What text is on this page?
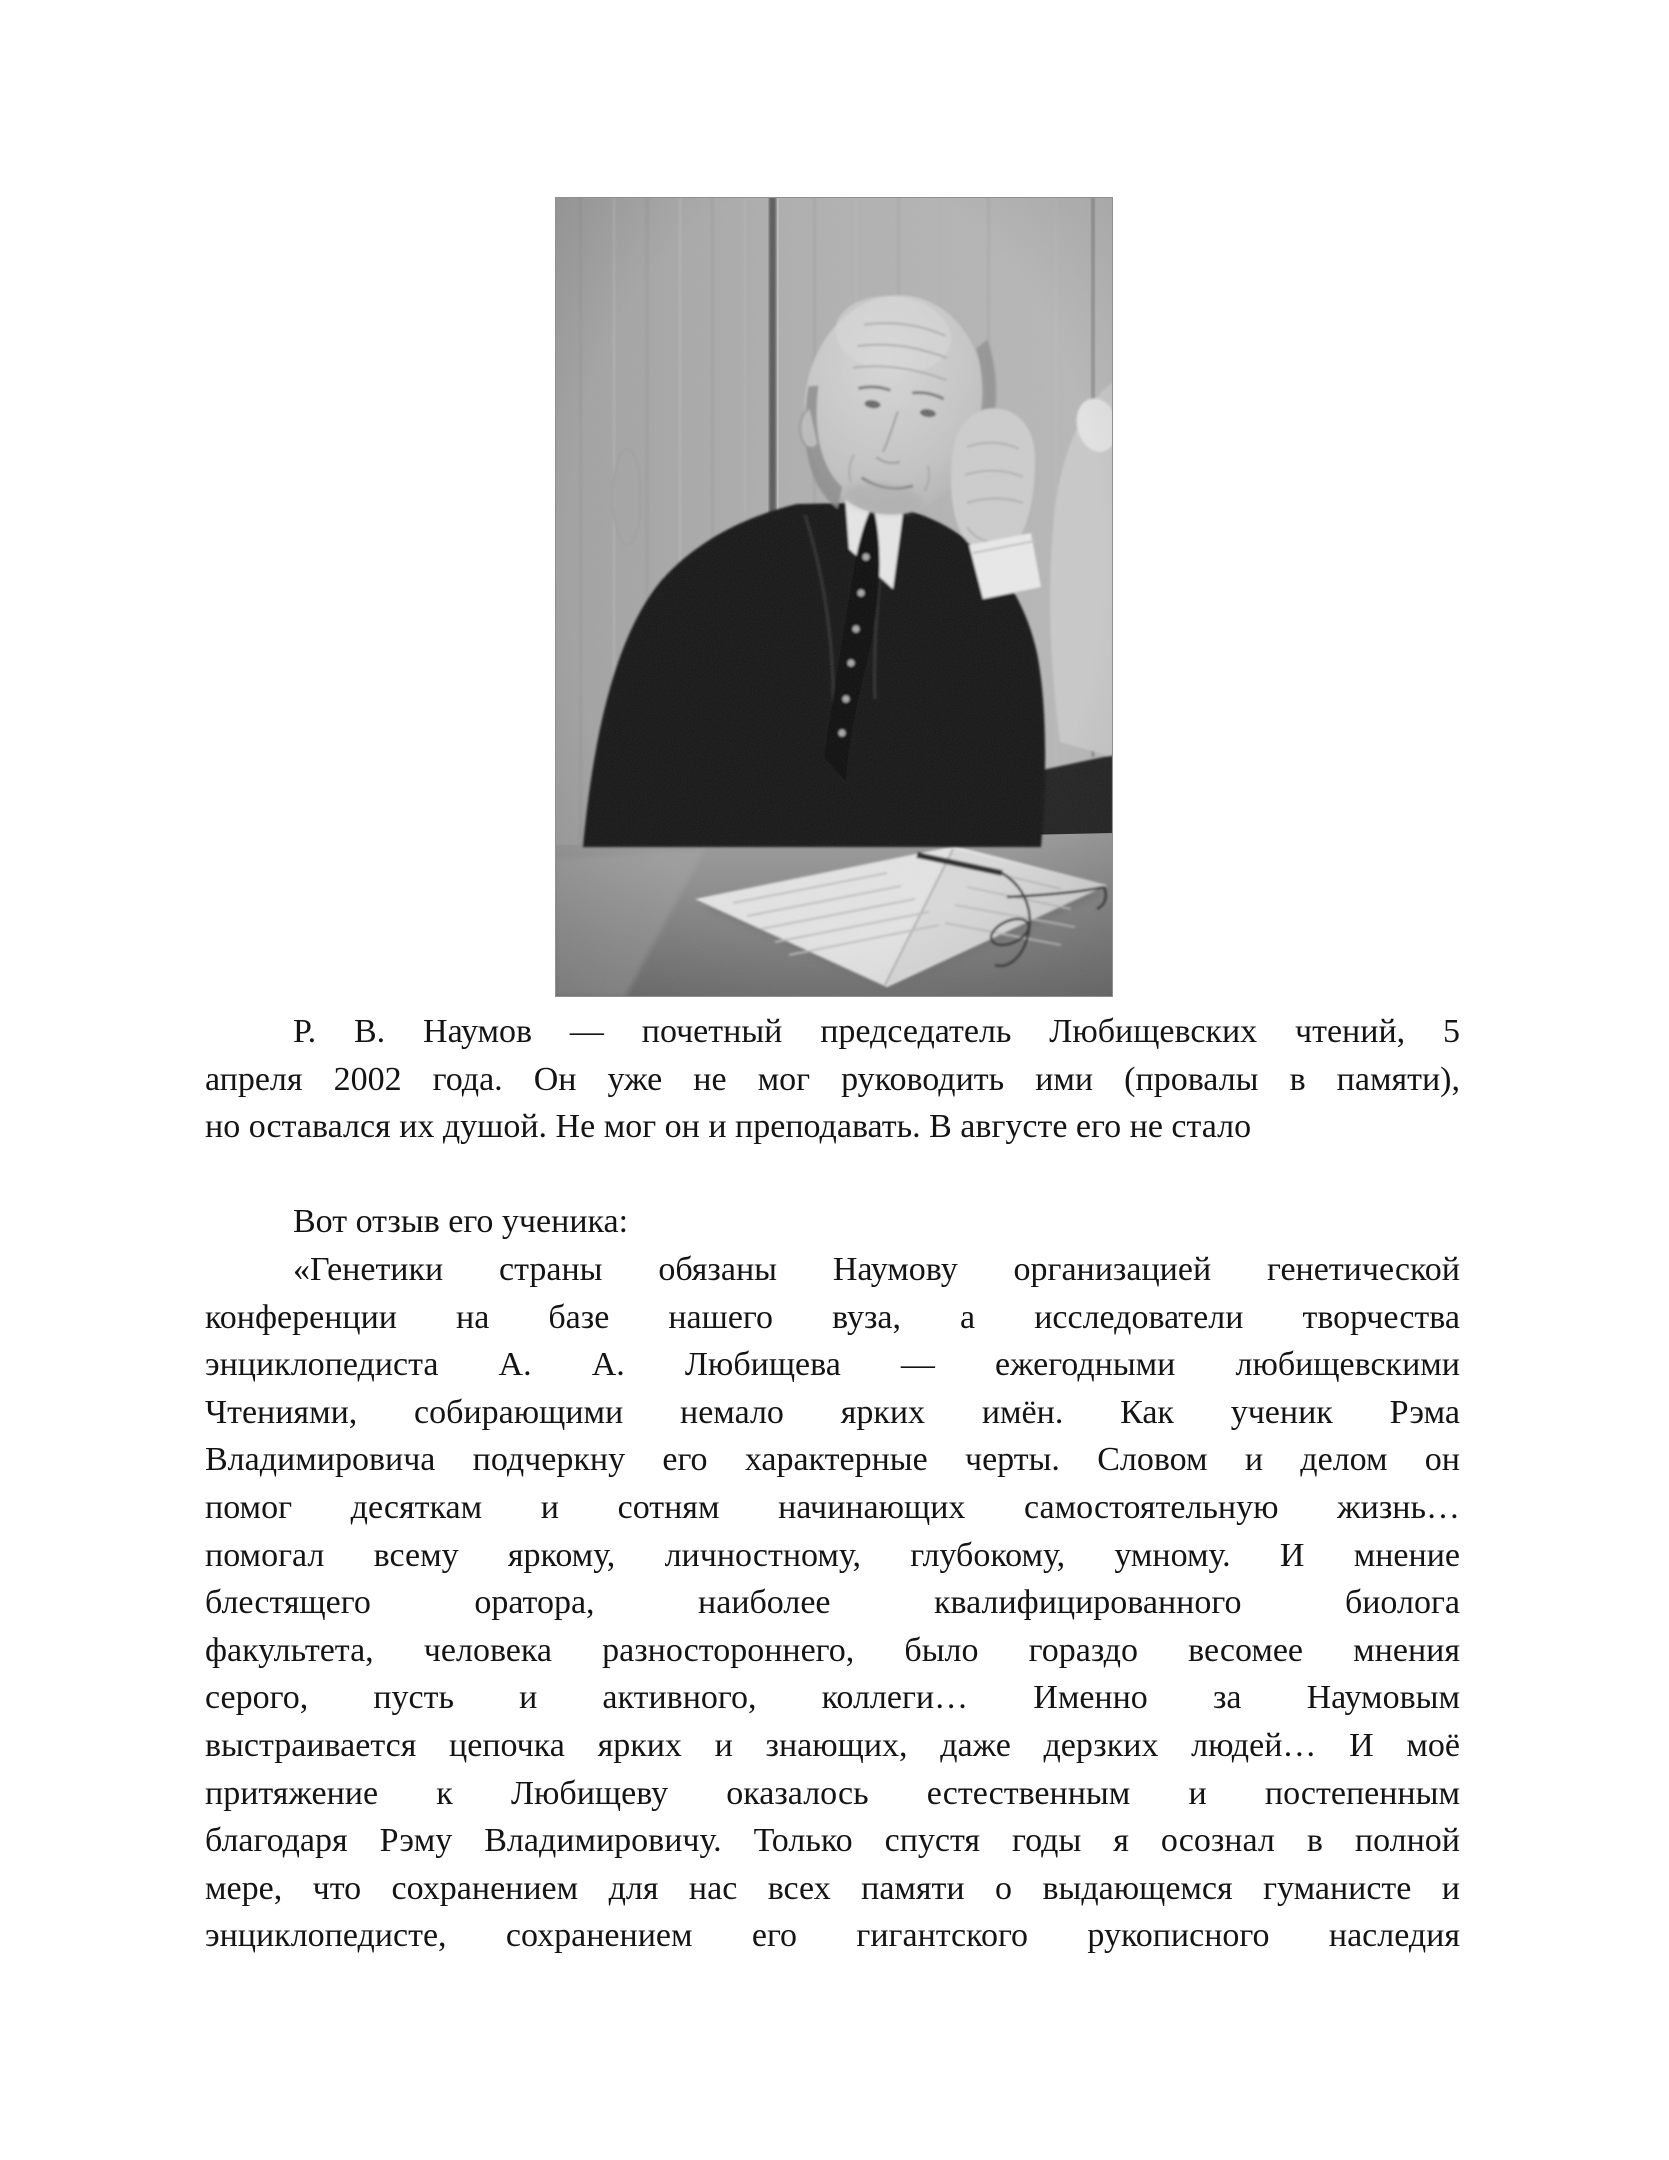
Р. В. Наумов — почетный председатель Любищевских чтений, 5
апреля 2002 года. Он уже не мог руководить ими (провалы в памяти),
но оставался их душой. Не мог он и преподавать. В августе его не стало
Вот отзыв его ученика:
«Генетики страны обязаны Наумову организацией генетической
конференции на базе нашего вуза, а исследователи творчества
энциклопедиста А. А. Любищева — ежегодными любищевскими
Чтениями, собирающими немало ярких имён. Как ученик Рэма
Владимировича подчеркну его характерные черты. Словом и делом он
помог десяткам и сотням начинающих самостоятельную жизнь…
помогал всему яркому, личностному, глубокому, умному. И мнение
блестящего оратора, наиболее квалифицированного биолога
факультета, человека разностороннего, было гораздо весомее мнения
серого, пусть и активного, коллеги… Именно за Наумовым
выстраивается цепочка ярких и знающих, даже дерзких людей… И моё
притяжение к Любищеву оказалось естественным и постепенным
благодаря Рэму Владимировичу. Только спустя годы я осознал в полной
мере, что сохранением для нас всех памяти о выдающемся гуманисте и
энциклопедисте, сохранением его гигантского рукописного наследия
